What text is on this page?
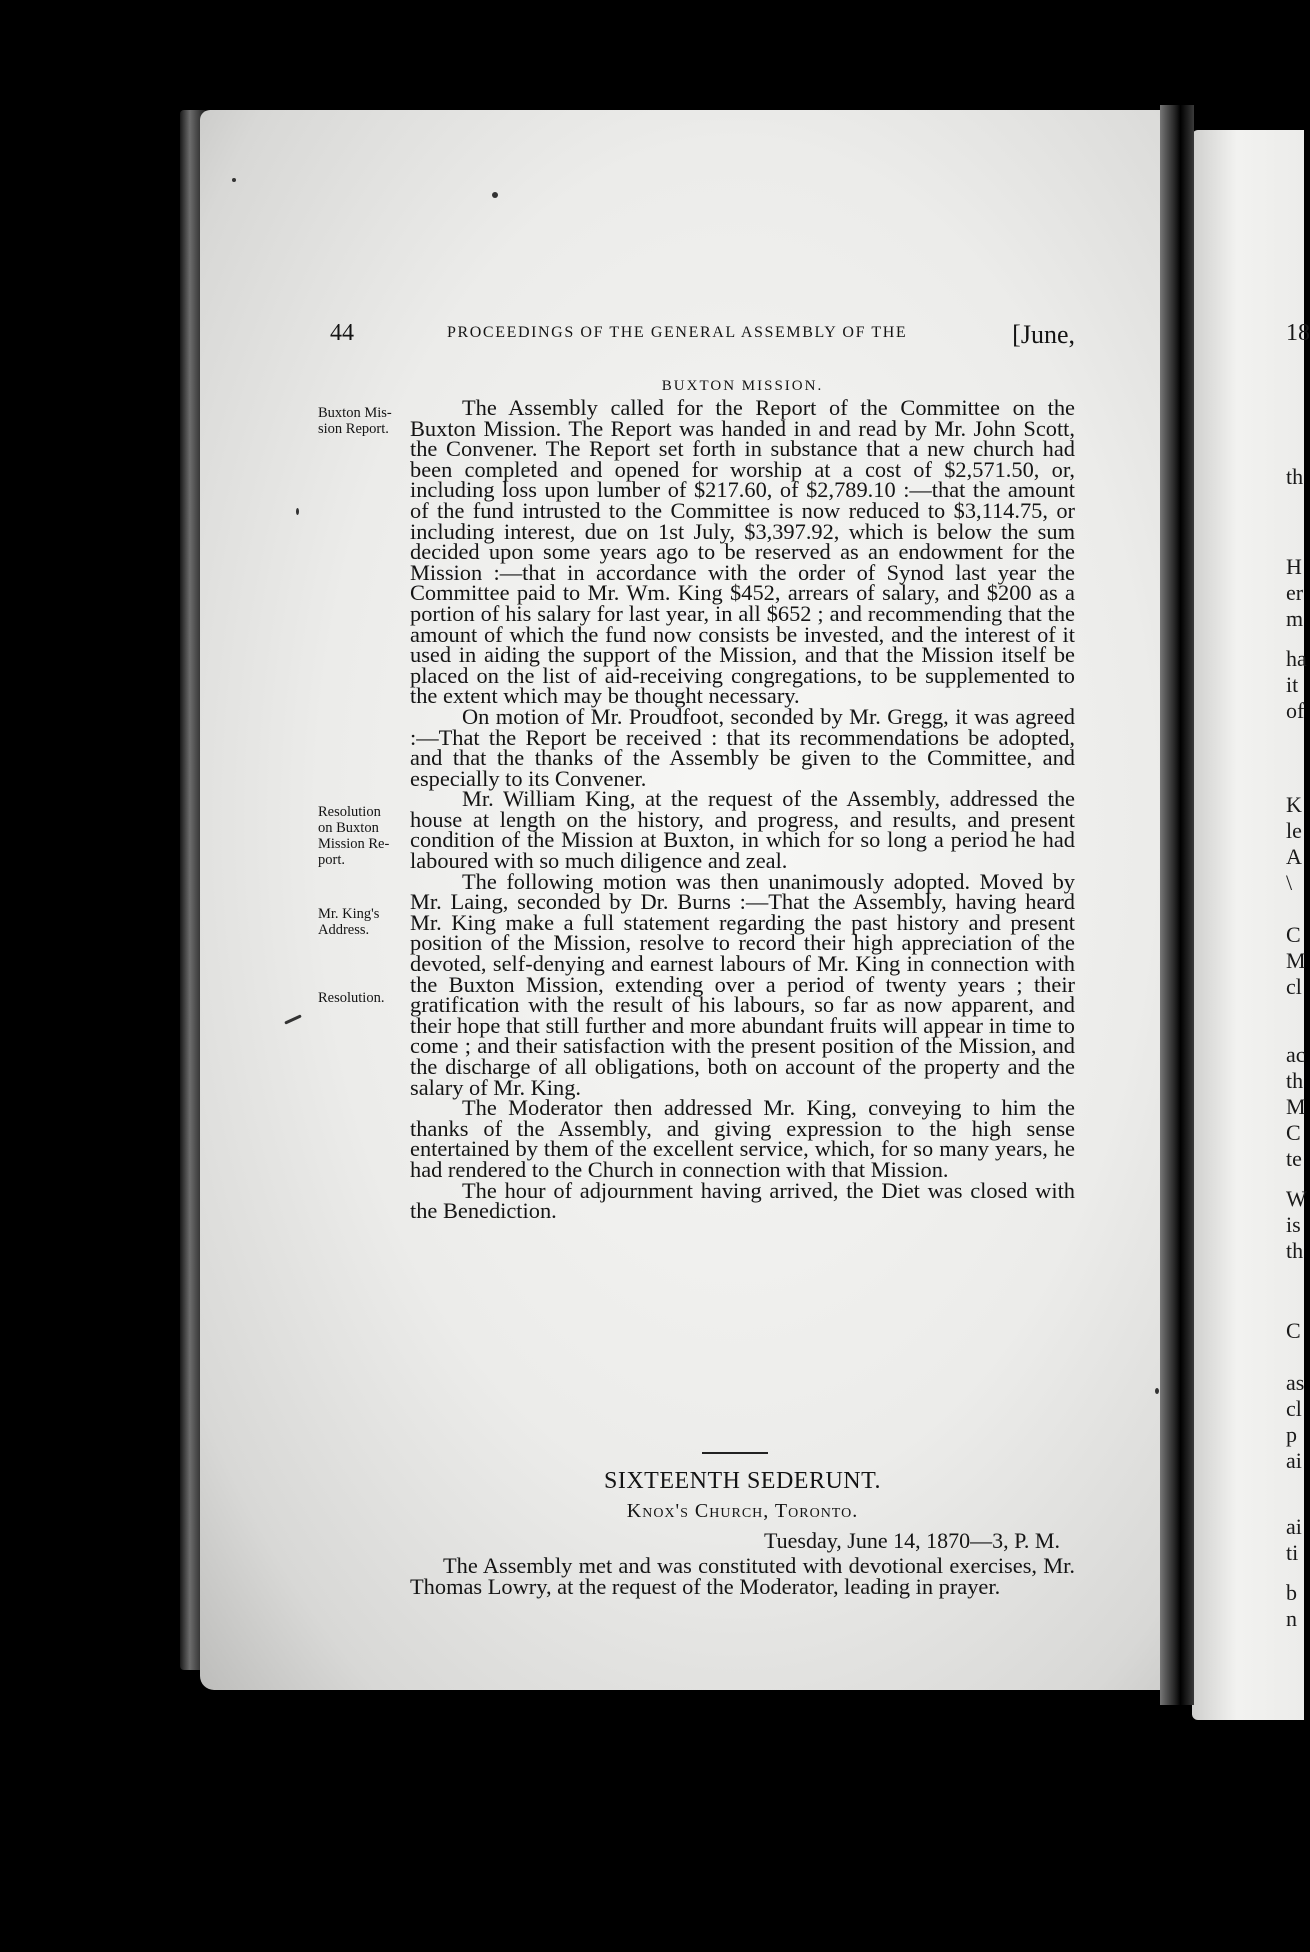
44	PROCEEDINGS OF THE GENERAL ASSEMBLY OF THE	[June,
BUXTON MISSION.
Buxton Mis-
sion Report.
Resolution
on Buxton
Mission Re-
port.
Mr. King's
Address.
Resolution.

The Assembly called for the Report of the Committee on the Buxton Mission. The Report was handed in and read by Mr. John Scott, the Convener. The Report set forth in substance that a new church had been completed and opened for worship at a cost of $2,571.50, or, including loss upon lumber of $217.60, of $2,789.10 :—that the amount of the fund intrusted to the Committee is now reduced to $3,114.75, or including interest, due on 1st July, $3,397.92, which is below the sum decided upon some years ago to be reserved as an endowment for the Mission :—that in accordance with the order of Synod last year the Committee paid to Mr. Wm. King $452, arrears of salary, and $200 as a portion of his salary for last year, in all $652 ; and recommending that the amount of which the fund now consists be invested, and the interest of it used in aiding the support of the Mission, and that the Mission itself be placed on the list of aid-receiving congregations, to be supplemented to the extent which may be thought necessary.

On motion of Mr. Proudfoot, seconded by Mr. Gregg, it was agreed :—That the Report be received : that its recommendations be adopted, and that the thanks of the Assembly be given to the Committee, and especially to its Convener.

Mr. William King, at the request of the Assembly, addressed the house at length on the history, and progress, and results, and present condition of the Mission at Buxton, in which for so long a period he had laboured with so much diligence and zeal.

The following motion was then unanimously adopted. Moved by Mr. Laing, seconded by Dr. Burns :—That the Assembly, having heard Mr. King make a full statement regarding the past history and present position of the Mission, resolve to record their high appreciation of the devoted, self-denying and earnest labours of Mr. King in connection with the Buxton Mission, extending over a period of twenty years ; their gratification with the result of his labours, so far as now apparent, and their hope that still further and more abundant fruits will appear in time to come ; and their satisfaction with the present position of the Mission, and the discharge of all obligations, both on account of the property and the salary of Mr. King.

The Moderator then addressed Mr. King, conveying to him the thanks of the Assembly, and giving expression to the high sense entertained by them of the excellent service, which, for so many years, he had rendered to the Church in connection with that Mission.

The hour of adjournment having arrived, the Diet was closed with the Benediction.

SIXTEENTH SEDERUNT.
Knox's Church, Toronto.
Tuesday, June 14, 1870—3, P. M.

The Assembly met and was constituted with devotional exercises, Mr. Thomas Lowry, at the request of the Moderator, leading in prayer.

18
th
H
er
m
ha
it
of
K
le
A
\
C
M
cl
ac
th
M
C
te
W
is
th
C
as
cl
p
ai
ai
ti
b
n
